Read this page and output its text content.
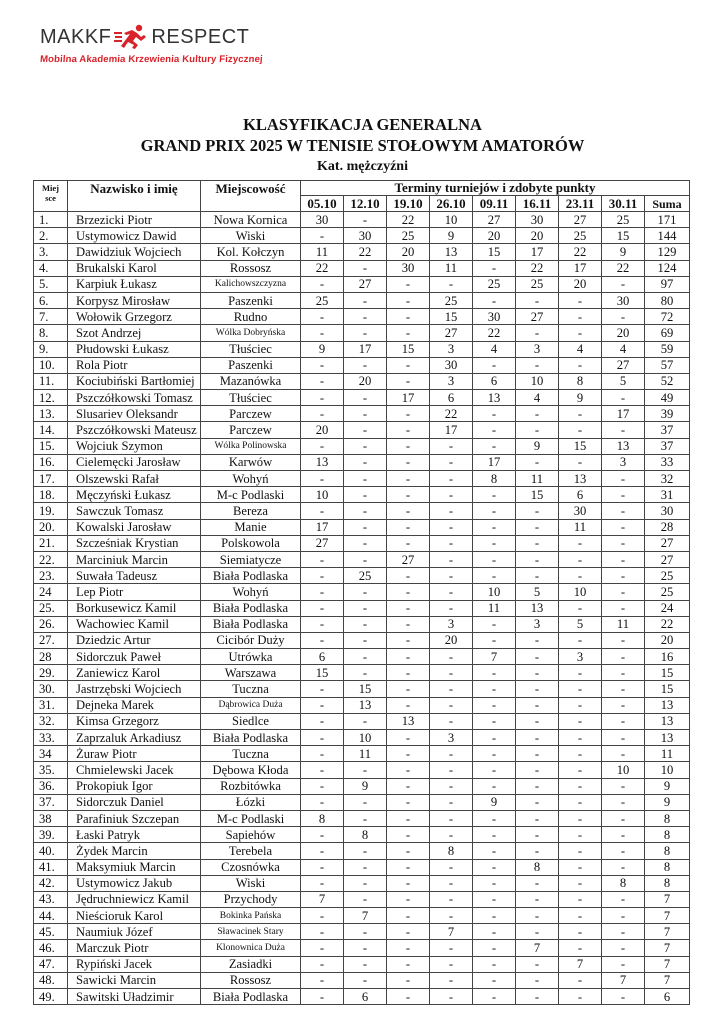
MAKKF RESPECT
Mobilna Akademia Krzewienia Kultury Fizycznej
KLASYFIKACJA GENERALNA
GRAND PRIX 2025 W TENISIE STOŁOWYM AMATORÓW
Kat. mężczyźni
Miej
sce	Nazwisko i imię	Miejscowość	Terminy turniejów i zdobyte punkty								
			05.10	12.10	19.10	26.10	09.11	16.11	23.11	30.11	Suma
1.	Brzezicki Piotr	Nowa Kornica	30	-	22	10	27	30	27	25	171
2.	Ustymowicz Dawid	Wiski	-	30	25	9	20	20	25	15	144
3.	Dawidziuk Wojciech	Kol. Kołczyn	11	22	20	13	15	17	22	9	129
4.	Brukalski Karol	Rossosz	22	-	30	11	-	22	17	22	124
5.	Karpiuk Łukasz	Kalichowszczyzna	-	27	-	-	25	25	20	-	97
6.	Korpysz Mirosław	Paszenki	25	-	-	25	-	-	-	30	80
7.	Wołowik Grzegorz	Rudno	-	-	-	15	30	27	-	-	72
8.	Szot Andrzej	Wólka Dobryńska	-	-	-	27	22	-	-	20	69
9.	Płudowski Łukasz	Tłuściec	9	17	15	3	4	3	4	4	59
10.	Rola Piotr	Paszenki	-	-	-	30	-	-	-	27	57
11.	Kociubiński Bartłomiej	Mazanówka	-	20	-	3	6	10	8	5	52
12.	Pszczółkowski Tomasz	Tłuściec	-	-	17	6	13	4	9	-	49
13.	Slusariev Oleksandr	Parczew	-	-	-	22	-	-	-	17	39
14.	Pszczółkowski Mateusz	Parczew	20	-	-	17	-	-	-	-	37
15.	Wojciuk Szymon	Wólka Polinowska	-	-	-	-	-	9	15	13	37
16.	Cielemęcki Jarosław	Karwów	13	-	-	-	17	-	-	3	33
17.	Olszewski Rafał	Wohyń	-	-	-	-	8	11	13	-	32
18.	Męczyński Łukasz	M-c Podlaski	10	-	-	-	-	15	6	-	31
19.	Sawczuk Tomasz	Bereza	-	-	-	-	-	-	30	-	30
20.	Kowalski Jarosław	Manie	17	-	-	-	-	-	11	-	28
21.	Szcześniak Krystian	Polskowola	27	-	-	-	-	-	-	-	27
22.	Marciniuk Marcin	Siemiatycze	-	-	27	-	-	-	-	-	27
23.	Suwała Tadeusz	Biała Podlaska	-	25	-	-	-	-	-	-	25
24	Lep Piotr	Wohyń	-	-	-	-	10	5	10	-	25
25.	Borkusewicz Kamil	Biała Podlaska	-	-	-	-	11	13	-	-	24
26.	Wachowiec Kamil	Biała Podlaska	-	-	-	3	-	3	5	11	22
27.	Dziedzic Artur	Cicibór Duży	-	-	-	20	-	-	-	-	20
28	Sidorczuk Paweł	Utrówka	6	-	-	-	7	-	3	-	16
29.	Zaniewicz Karol	Warszawa	15	-	-	-	-	-	-	-	15
30.	Jastrzębski Wojciech	Tuczna	-	15	-	-	-	-	-	-	15
31.	Dejneka Marek	Dąbrowica Duża	-	13	-	-	-	-	-	-	13
32.	Kimsa Grzegorz	Siedlce	-	-	13	-	-	-	-	-	13
33.	Zaprzaluk Arkadiusz	Biała Podlaska	-	10	-	3	-	-	-	-	13
34	Żuraw Piotr	Tuczna	-	11	-	-	-	-	-	-	11
35.	Chmielewski Jacek	Dębowa Kłoda	-	-	-	-	-	-	-	10	10
36.	Prokopiuk Igor	Rozbitówka	-	9	-	-	-	-	-	-	9
37.	Sidorczuk Daniel	Łózki	-	-	-	-	9	-	-	-	9
38	Parafiniuk Szczepan	M-c Podlaski	8	-	-	-	-	-	-	-	8
39.	Łaski Patryk	Sapiehów	-	8	-	-	-	-	-	-	8
40.	Żydek Marcin	Terebela	-	-	-	8	-	-	-	-	8
41.	Maksymiuk Marcin	Czosnówka	-	-	-	-	-	8	-	-	8
42.	Ustymowicz Jakub	Wiski	-	-	-	-	-	-	-	8	8
43.	Jędruchniewicz Kamil	Przychody	7	-	-	-	-	-	-	-	7
44.	Nieścioruk Karol	Bokinka Pańska	-	7	-	-	-	-	-	-	7
45.	Naumiuk Józef	Sławacinek Stary	-	-	-	7	-	-	-	-	7
46.	Marczuk Piotr	Klonownica Duża	-	-	-	-	-	7	-	-	7
47.	Rypiński Jacek	Zasiadki	-	-	-	-	-	-	7	-	7
48.	Sawicki Marcin	Rossosz	-	-	-	-	-	-	-	7	7
49.	Sawitski Uładzimir	Biała Podlaska	-	6	-	-	-	-	-	-	6
